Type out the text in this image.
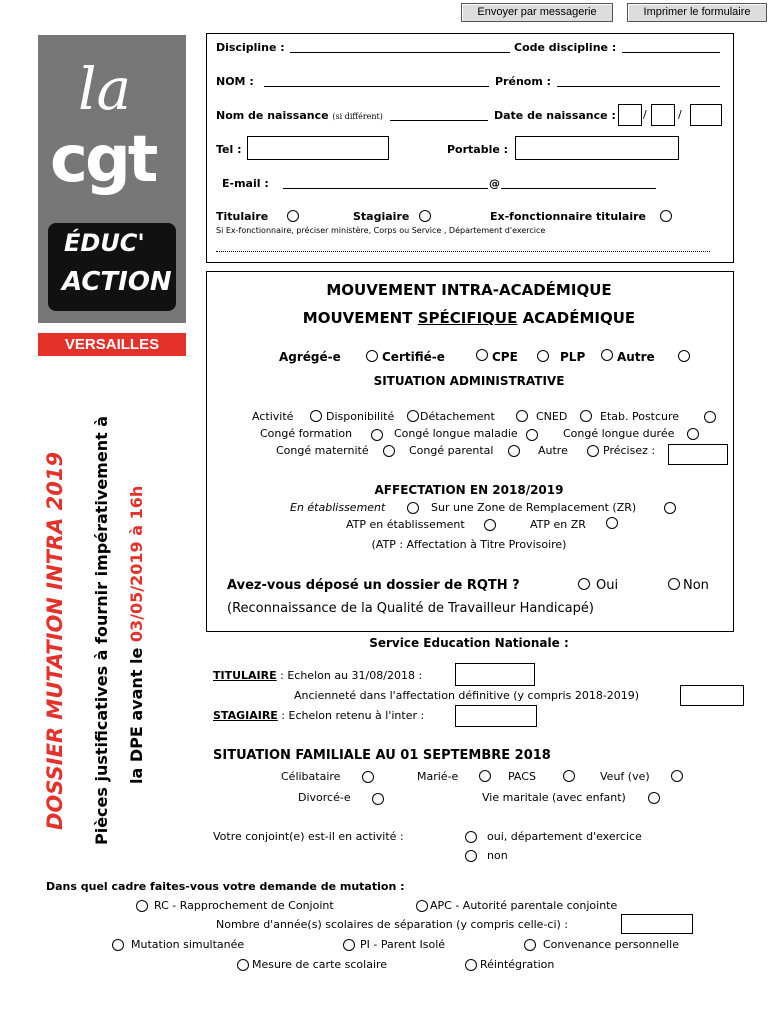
Envoyer par messagerie	Imprimer le formulaire
la
cgt
ÉDUC'
ACTION
VERSAILLES
DOSSIER MUTATION INTRA 2019 Pièces justificatives à fournir impérativement à la DPE avant le 03/05/2019 à 16h
Discipline :	Code discipline :
NOM :	Prénom :
Nom de naissance (si différent)	Date de naissance : /	/
Tel :	Portable :
E-mail :	@
Titulaire	Stagiaire	Ex-fonctionnaire titulaire
Si Ex-fonctionnaire, préciser ministère, Corps ou Service , Département d'exercice
MOUVEMENT INTRA-ACADÉMIQUE
MOUVEMENT SPÉCIFIQUE ACADÉMIQUE
Agrégé-e	Certifié-e	CPE	PLP	Autre
SITUATION ADMINISTRATIVE
Activité	Disponibilité Détachement	CNED	Etab. Postcure
Congé formation	Congé longue maladie	Congé longue durée
Congé maternité	Congé parental	Autre	Précisez :
AFFECTATION EN 2018/2019
En établissement	Sur une Zone de Remplacement (ZR)
ATP en établissement	ATP en ZR
(ATP : Affectation à Titre Provisoire)
Avez-vous déposé un dossier de RQTH ?	Oui	Non
(Reconnaissance de la Qualité de Travailleur Handicapé)
Service Education Nationale :
TITULAIRE : Echelon au 31/08/2018 :
Ancienneté dans l'affectation définitive (y compris 2018-2019)
STAGIAIRE : Echelon retenu à l'inter :
SITUATION FAMILIALE AU 01 SEPTEMBRE 2018
Célibataire	Marié-e	PACS	Veuf (ve)
Divorcé-e	Vie maritale (avec enfant)
Votre conjoint(e) est-il en activité :	oui, département d'exercice
non
Dans quel cadre faites-vous votre demande de mutation :
RC - Rapprochement de Conjoint	APC - Autorité parentale conjointe
Nombre d'année(s) scolaires de séparation (y compris celle-ci) :
Mutation simultanée	PI - Parent Isolé	Convenance personnelle
Mesure de carte scolaire	Réintégration
